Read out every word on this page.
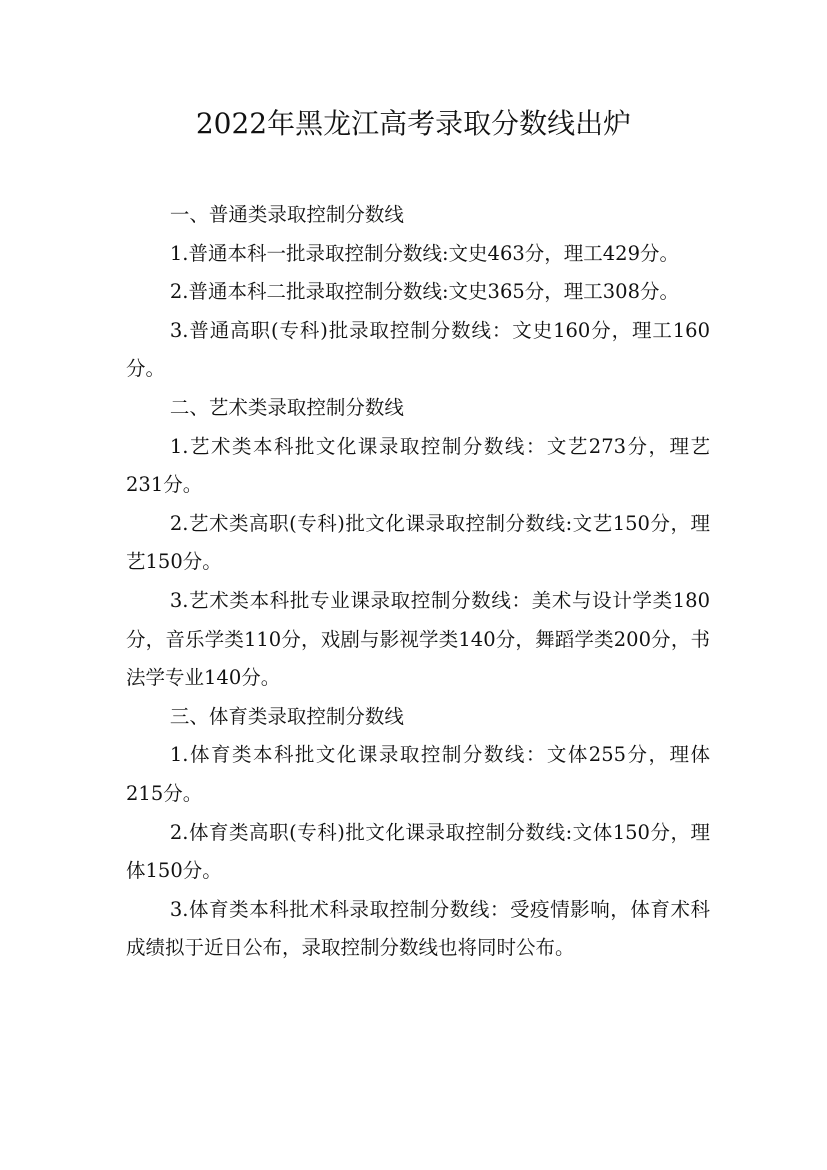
2022年黑龙江高考录取分数线出炉

一、普通类录取控制分数线

1.普通本科一批录取控制分数线:文史463分，理工429分。

2.普通本科二批录取控制分数线:文史365分，理工308分。

3.普通高职(专科)批录取控制分数线：文史160分，理工160分。

二、艺术类录取控制分数线

1.艺术类本科批文化课录取控制分数线：文艺273分，理艺 231分。

2.艺术类高职(专科)批文化课录取控制分数线:文艺150分，理艺150分。

3.艺术类本科批专业课录取控制分数线：美术与设计学类180分，音乐学类110分，戏剧与影视学类140分，舞蹈学类200分，书法学专业140分。

三、体育类录取控制分数线

1.体育类本科批文化课录取控制分数线：文体255分，理体 215分。

2.体育类高职(专科)批文化课录取控制分数线:文体150分，理体150分。

3.体育类本科批术科录取控制分数线：受疫情影响，体育术科成绩拟于近日公布，录取控制分数线也将同时公布。
